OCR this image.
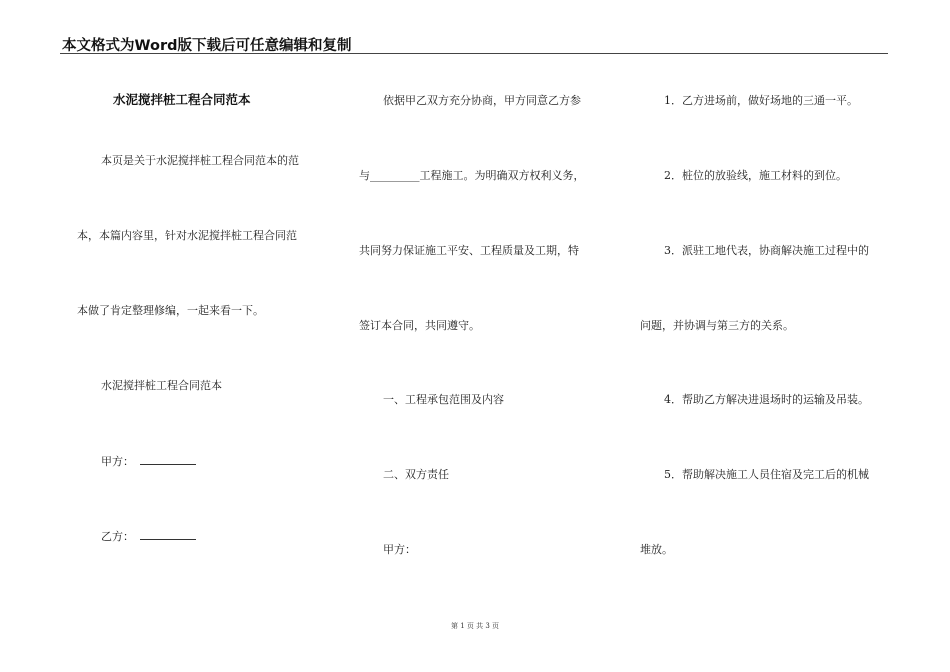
本文格式为Word版下载后可任意编辑和复制
水泥搅拌桩工程合同范本
本页是关于水泥搅拌桩工程合同范本的范
本，本篇内容里，针对水泥搅拌桩工程合同范
本做了肯定整理修编，一起来看一下。
水泥搅拌桩工程合同范本
甲方：
乙方：
依据甲乙双方充分协商，甲方同意乙方参
与_________工程施工。为明确双方权利义务，
共同努力保证施工平安、工程质量及工期，特
签订本合同，共同遵守。
一、工程承包范围及内容
二、双方责任
甲方：
1．乙方进场前，做好场地的三通一平。
2．桩位的放验线，施工材料的到位。
3．派驻工地代表，协商解决施工过程中的
问题，并协调与第三方的关系。
4．帮助乙方解决进退场时的运输及吊装。
5．帮助解决施工人员住宿及完工后的机械
堆放。
第 1 页 共 3 页
